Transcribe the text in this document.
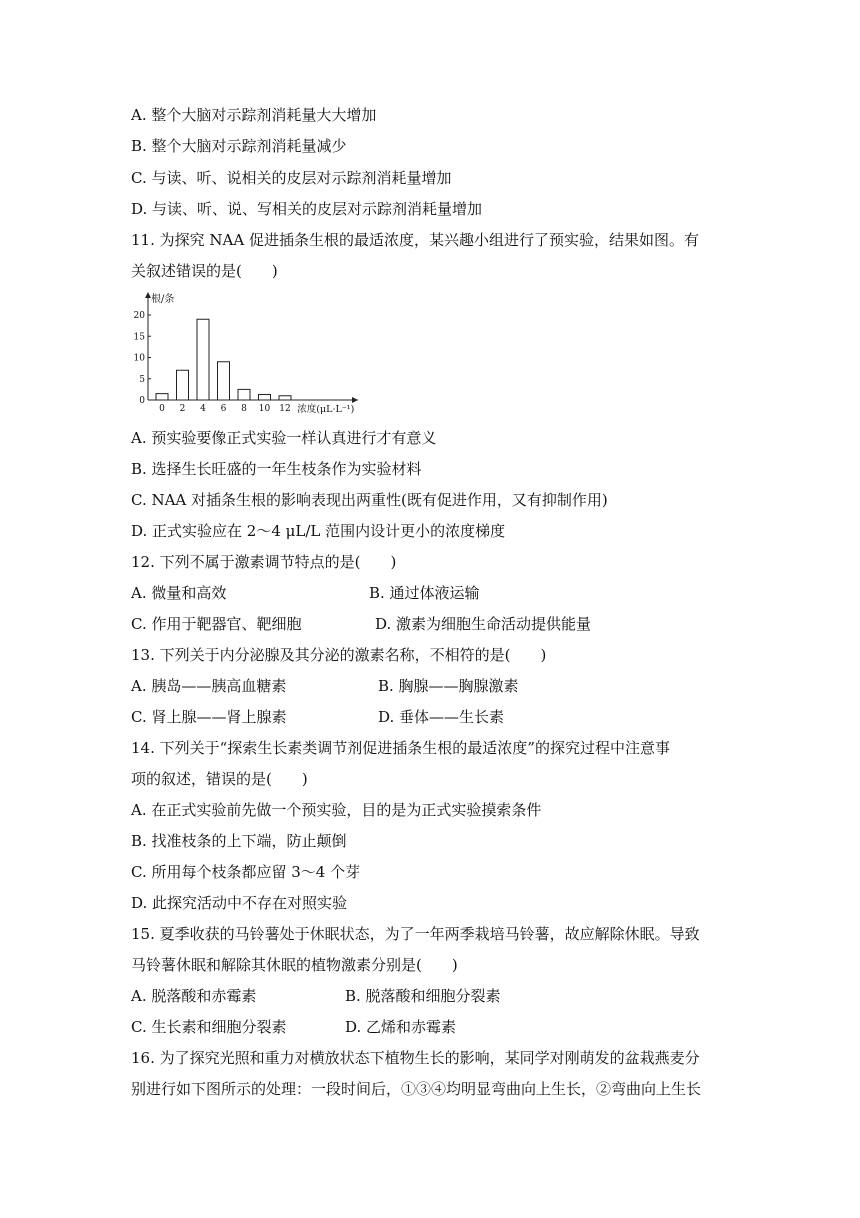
A. 整个大脑对示踪剂消耗量大大增加
B. 整个大脑对示踪剂消耗量减少
C. 与读、听、说相关的皮层对示踪剂消耗量增加
D. 与读、听、说、写相关的皮层对示踪剂消耗量增加
11. 为探究 NAA 促进插条生根的最适浓度，某兴趣小组进行了预实验，结果如图。有
关叙述错误的是(　　)
0
5
10
15
20
根/条
0 2 4 6 8 10 12 浓度(μL·L⁻¹)
A. 预实验要像正式实验一样认真进行才有意义
B. 选择生长旺盛的一年生枝条作为实验材料
C. NAA 对插条生根的影响表现出两重性(既有促进作用，又有抑制作用)
D. 正式实验应在 2～4 μL/L 范围内设计更小的浓度梯度
12. 下列不属于激素调节特点的是(　　)
A. 微量和高效	B. 通过体液运输
C. 作用于靶器官、靶细胞	D. 激素为细胞生命活动提供能量
13. 下列关于内分泌腺及其分泌的激素名称，不相符的是(　　)
A. 胰岛——胰高血糖素	B. 胸腺——胸腺激素
C. 肾上腺——肾上腺素	D. 垂体——生长素
14. 下列关于“探索生长素类调节剂促进插条生根的最适浓度”的探究过程中注意事
项的叙述，错误的是(　　)
A. 在正式实验前先做一个预实验，目的是为正式实验摸索条件
B. 找准枝条的上下端，防止颠倒
C. 所用每个枝条都应留 3～4 个芽
D. 此探究活动中不存在对照实验
15. 夏季收获的马铃薯处于休眠状态，为了一年两季栽培马铃薯，故应解除休眠。导致
马铃薯休眠和解除其休眠的植物激素分别是(　　)
A. 脱落酸和赤霉素	B. 脱落酸和细胞分裂素
C. 生长素和细胞分裂素	D. 乙烯和赤霉素
16. 为了探究光照和重力对横放状态下植物生长的影响，某同学对刚萌发的盆栽燕麦分
别进行如下图所示的处理：一段时间后，①③④均明显弯曲向上生长，②弯曲向上生长
